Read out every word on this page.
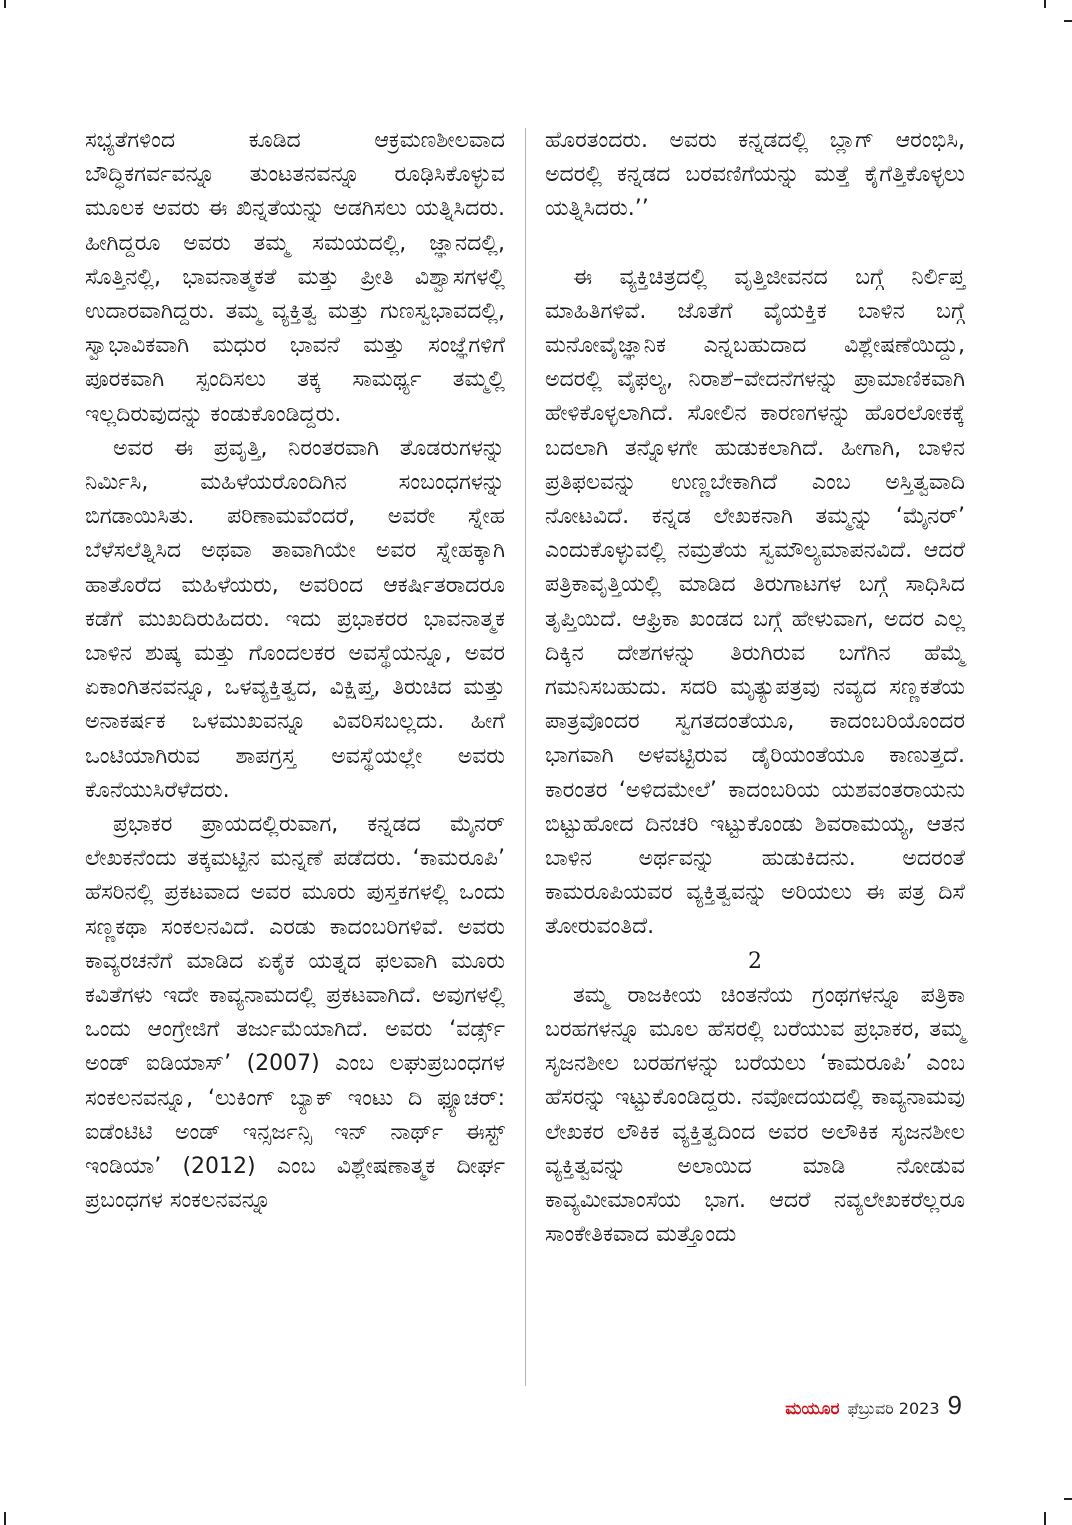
ಸಭ್ಯತೆಗಳಿಂದ ಕೂಡಿದ ಆಕ್ರಮಣಶೀಲವಾದ ಬೌದ್ಧಿಕಗರ್ವವನ್ನೂ ತುಂಟತನವನ್ನೂ ರೂಢಿಸಿಕೊಳ್ಳುವ ಮೂಲಕ ಅವರು ಈ ಖಿನ್ನತೆಯನ್ನು ಅಡಗಿಸಲು ಯತ್ನಿಸಿದರು. ಹೀಗಿದ್ದರೂ ಅವರು ತಮ್ಮ ಸಮಯದಲ್ಲಿ, ಜ್ಞಾನದಲ್ಲಿ, ಸೊತ್ತಿನಲ್ಲಿ, ಭಾವನಾತ್ಮಕತೆ ಮತ್ತು ಪ್ರೀತಿ ವಿಶ್ವಾಸಗಳಲ್ಲಿ ಉದಾರವಾಗಿದ್ದರು. ತಮ್ಮ ವ್ಯಕ್ತಿತ್ವ ಮತ್ತು ಗುಣಸ್ವಭಾವದಲ್ಲಿ, ಸ್ವಾಭಾವಿಕವಾಗಿ ಮಧುರ ಭಾವನೆ ಮತ್ತು ಸಂಜ್ಞೆಗಳಿಗೆ ಪೂರಕವಾಗಿ ಸ್ಪಂದಿಸಲು ತಕ್ಕ ಸಾಮರ್ಥ್ಯ ತಮ್ಮಲ್ಲಿ ಇಲ್ಲದಿರುವುದನ್ನು ಕಂಡುಕೊಂಡಿದ್ದರು.

ಅವರ ಈ ಪ್ರವೃತ್ತಿ, ನಿರಂತರವಾಗಿ ತೊಡರುಗಳನ್ನು ನಿರ್ಮಿಸಿ, ಮಹಿಳೆಯರೊಂದಿಗಿನ ಸಂಬಂಧಗಳನ್ನು ಬಿಗಡಾಯಿಸಿತು. ಪರಿಣಾಮವೆಂದರೆ, ಅವರೇ ಸ್ನೇಹ ಬೆಳೆಸಲೆತ್ನಿಸಿದ ಅಥವಾ ತಾವಾಗಿಯೇ ಅವರ ಸ್ನೇಹಕ್ಕಾಗಿ ಹಾತೊರೆದ ಮಹಿಳೆಯರು, ಅವರಿಂದ ಆಕರ್ಷಿತರಾದರೂ ಕಡೆಗೆ ಮುಖದಿರುಹಿದರು. ಇದು ಪ್ರಭಾಕರರ ಭಾವನಾತ್ಮಕ ಬಾಳಿನ ಶುಷ್ಕ ಮತ್ತು ಗೊಂದಲಕರ ಅವಸ್ಥೆಯನ್ನೂ, ಅವರ ಏಕಾಂಗಿತನವನ್ನೂ, ಒಳವ್ಯಕ್ತಿತ್ವದ, ವಿಕ್ಷಿಪ್ತ, ತಿರುಚಿದ ಮತ್ತು ಅನಾಕರ್ಷಕ ಒಳಮುಖವನ್ನೂ ವಿವರಿಸಬಲ್ಲದು. ಹೀಗೆ ಒಂಟಿಯಾಗಿರುವ ಶಾಪಗ್ರಸ್ತ ಅವಸ್ಥೆಯಲ್ಲೇ ಅವರು ಕೊನೆಯುಸಿರೆಳೆದರು.

ಪ್ರಭಾಕರ ಪ್ರಾಯದಲ್ಲಿರುವಾಗ, ಕನ್ನಡದ ಮೈನರ್ ಲೇಖಕನೆಂದು ತಕ್ಕಮಟ್ಟಿನ ಮನ್ನಣೆ ಪಡೆದರು. ‘ಕಾಮರೂಪಿ’ ಹೆಸರಿನಲ್ಲಿ ಪ್ರಕಟವಾದ ಅವರ ಮೂರು ಪುಸ್ತಕಗಳಲ್ಲಿ ಒಂದು ಸಣ್ಣಕಥಾ ಸಂಕಲನವಿದೆ. ಎರಡು ಕಾದಂಬರಿಗಳಿವೆ. ಅವರು ಕಾವ್ಯರಚನೆಗೆ ಮಾಡಿದ ಏಕೈಕ ಯತ್ನದ ಫಲವಾಗಿ ಮೂರು ಕವಿತೆಗಳು ಇದೇ ಕಾವ್ಯನಾಮದಲ್ಲಿ ಪ್ರಕಟವಾಗಿದೆ. ಅವುಗಳಲ್ಲಿ ಒಂದು ಆಂಗ್ರೇಜಿಗೆ ತರ್ಜುಮೆಯಾಗಿದೆ. ಅವರು ‘ವರ್ಡ್ಸ್ ಅಂಡ್ ಐಡಿಯಾಸ್’ (2007) ಎಂಬ ಲಘುಪ್ರಬಂಧಗಳ ಸಂಕಲನವನ್ನೂ, ‘ಲುಕಿಂಗ್ ಬ್ಯಾಕ್ ಇಂಟು ದಿ ಫ್ಯೂಚರ್: ಐಡೆಂಟಿಟಿ ಅಂಡ್ ಇನ್ಸರ್ಜನ್ಸಿ ಇನ್ ನಾರ್ಥ್ ಈಸ್ಟ್ ಇಂಡಿಯಾ’ (2012) ಎಂಬ ವಿಶ್ಲೇಷಣಾತ್ಮಕ ದೀರ್ಘ ಪ್ರಬಂಧಗಳ ಸಂಕಲನವನ್ನೂ

ಹೊರತಂದರು. ಅವರು ಕನ್ನಡದಲ್ಲಿ ಬ್ಲಾಗ್ ಆರಂಭಿಸಿ, ಅದರಲ್ಲಿ ಕನ್ನಡದ ಬರವಣಿಗೆಯನ್ನು ಮತ್ತೆ ಕೈಗೆತ್ತಿಕೊಳ್ಳಲು ಯತ್ನಿಸಿದರು.’’

ಈ ವ್ಯಕ್ತಿಚಿತ್ರದಲ್ಲಿ ವೃತ್ತಿಜೀವನದ ಬಗ್ಗೆ ನಿರ್ಲಿಪ್ತ ಮಾಹಿತಿಗಳಿವೆ. ಜೊತೆಗೆ ವೈಯಕ್ತಿಕ ಬಾಳಿನ ಬಗ್ಗೆ ಮನೋವೈಜ್ಞಾನಿಕ ಎನ್ನಬಹುದಾದ ವಿಶ್ಲೇಷಣೆಯಿದ್ದು, ಅದರಲ್ಲಿ ವೈಫಲ್ಯ, ನಿರಾಶೆ–ವೇದನೆಗಳನ್ನು ಪ್ರಾಮಾಣಿಕವಾಗಿ ಹೇಳಿಕೊಳ್ಳಲಾಗಿದೆ. ಸೋಲಿನ ಕಾರಣಗಳನ್ನು ಹೊರಲೋಕಕ್ಕೆ ಬದಲಾಗಿ ತನ್ನೊಳಗೇ ಹುಡುಕಲಾಗಿದೆ. ಹೀಗಾಗಿ, ಬಾಳಿನ ಪ್ರತಿಫಲವನ್ನು ಉಣ್ಣಬೇಕಾಗಿದೆ ಎಂಬ ಅಸ್ತಿತ್ವವಾದಿ ನೋಟವಿದೆ. ಕನ್ನಡ ಲೇಖಕನಾಗಿ ತಮ್ಮನ್ನು ‘ಮೈನರ್’ ಎಂದುಕೊಳ್ಳುವಲ್ಲಿ ನಮ್ರತೆಯ ಸ್ವಮೌಲ್ಯಮಾಪನವಿದೆ. ಆದರೆ ಪತ್ರಿಕಾವೃತ್ತಿಯಲ್ಲಿ ಮಾಡಿದ ತಿರುಗಾಟಗಳ ಬಗ್ಗೆ ಸಾಧಿಸಿದ ತೃಪ್ತಿಯಿದೆ. ಆಫ್ರಿಕಾ ಖಂಡದ ಬಗ್ಗೆ ಹೇಳುವಾಗ, ಅದರ ಎಲ್ಲ ದಿಕ್ಕಿನ ದೇಶಗಳನ್ನು ತಿರುಗಿರುವ ಬಗೆಗಿನ ಹೆಮ್ಮೆ ಗಮನಿಸಬಹುದು. ಸದರಿ ಮೃತ್ಯುಪತ್ರವು ನವ್ಯದ ಸಣ್ಣಕತೆಯ ಪಾತ್ರವೊಂದರ ಸ್ವಗತದಂತೆಯೂ, ಕಾದಂಬರಿಯೊಂದರ ಭಾಗವಾಗಿ ಅಳವಟ್ಟಿರುವ ಡೈರಿಯಂತೆಯೂ ಕಾಣುತ್ತದೆ. ಕಾರಂತರ ‘ಅಳಿದಮೇಲೆ’ ಕಾದಂಬರಿಯ ಯಶವಂತರಾಯನು ಬಿಟ್ಟುಹೋದ ದಿನಚರಿ ಇಟ್ಟುಕೊಂಡು ಶಿವರಾಮಯ್ಯ, ಆತನ ಬಾಳಿನ ಅರ್ಥವನ್ನು ಹುಡುಕಿದನು. ಅದರಂತೆ ಕಾಮರೂಪಿಯವರ ವ್ಯಕ್ತಿತ್ವವನ್ನು ಅರಿಯಲು ಈ ಪತ್ರ ದಿಸೆ ತೋರುವಂತಿದೆ.

2

ತಮ್ಮ ರಾಜಕೀಯ ಚಿಂತನೆಯ ಗ್ರಂಥಗಳನ್ನೂ ಪತ್ರಿಕಾ ಬರಹಗಳನ್ನೂ ಮೂಲ ಹೆಸರಲ್ಲಿ ಬರೆಯುವ ಪ್ರಭಾಕರ, ತಮ್ಮ ಸೃಜನಶೀಲ ಬರಹಗಳನ್ನು ಬರೆಯಲು ‘ಕಾಮರೂಪಿ’ ಎಂಬ ಹೆಸರನ್ನು ಇಟ್ಟುಕೊಂಡಿದ್ದರು. ನವೋದಯದಲ್ಲಿ ಕಾವ್ಯನಾಮವು ಲೇಖಕರ ಲೌಕಿಕ ವ್ಯಕ್ತಿತ್ವದಿಂದ ಅವರ ಅಲೌಕಿಕ ಸೃಜನಶೀಲ ವ್ಯಕ್ತಿತ್ವವನ್ನು ಅಲಾಯಿದ ಮಾಡಿ ನೋಡುವ ಕಾವ್ಯಮೀಮಾಂಸೆಯ ಭಾಗ. ಆದರೆ ನವ್ಯಲೇಖಕರೆಲ್ಲರೂ ಸಾಂಕೇತಿಕವಾದ ಮತ್ತೊಂದು

ಮಯೂರ ಫೆಬ್ರುವರಿ 2023 9
